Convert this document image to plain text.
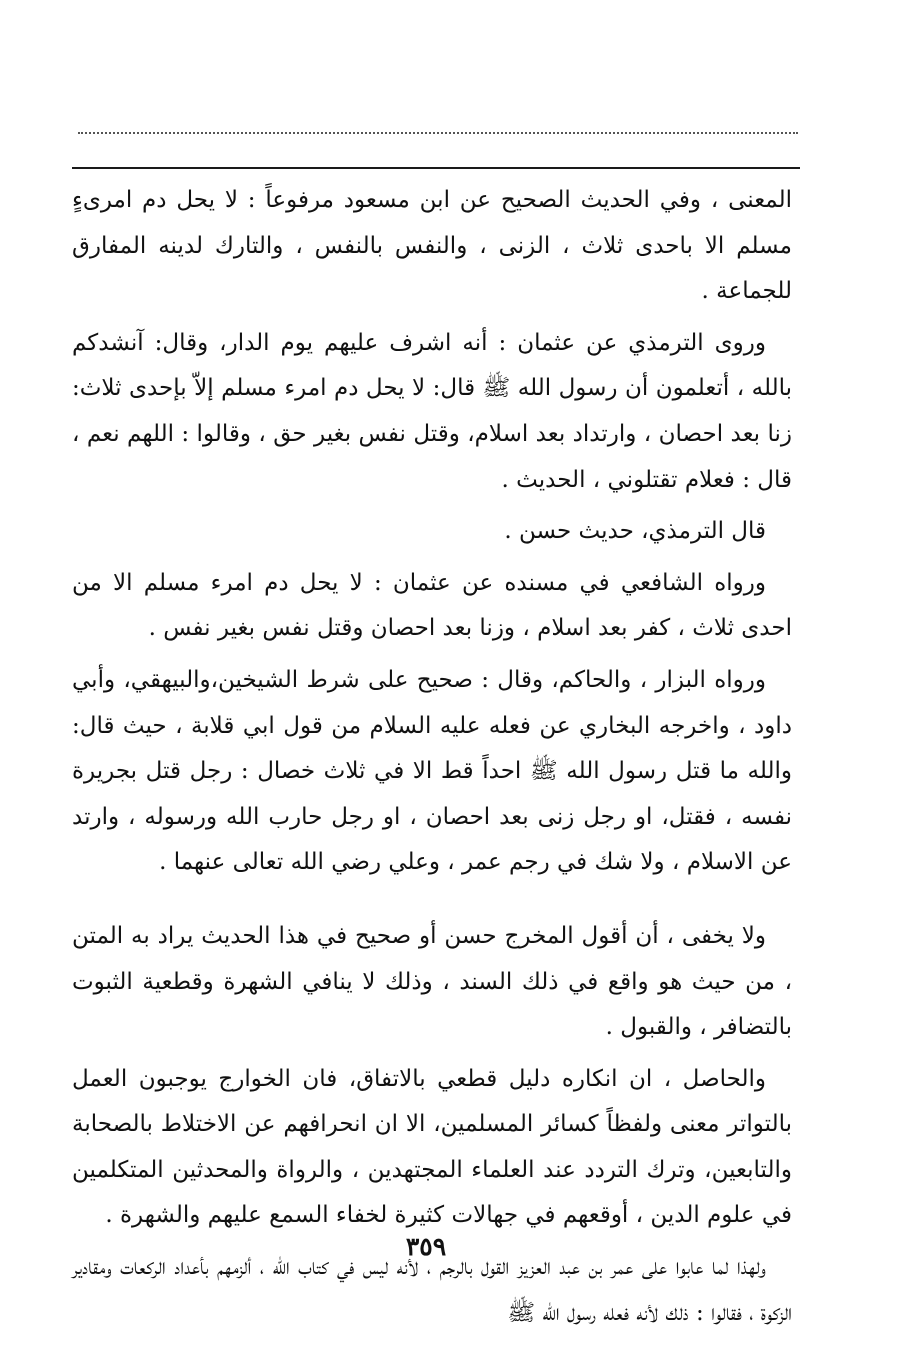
المعنى ، وفي الحديث الصحيح عن ابن مسعود مرفوعاً : لا يحل دم امرىءٍ مسلم الا باحدى ثلاث ، الزنى ، والنفس بالنفس ، والتارك لدينه المفارق للجماعة .

وروى الترمذي عن عثمان : أنه اشرف عليهم يوم الدار، وقال: آنشدكم بالله ، أتعلمون أن رسول الله ﷺ قال: لا يحل دم امرء مسلم إلاّ بإحدى ثلاث: زنا بعد احصان ، وارتداد بعد اسلام، وقتل نفس بغير حق ، وقالوا : اللهم نعم ، قال : فعلام تقتلوني ، الحديث .

قال الترمذي، حديث حسن .

ورواه الشافعي في مسنده عن عثمان : لا يحل دم امرء مسلم الا من احدى ثلاث ، كفر بعد اسلام ، وزنا بعد احصان وقتل نفس بغير نفس .

ورواه البزار ، والحاكم، وقال : صحيح على شرط الشيخين،والبيهقي، وأبي داود ، واخرجه البخاري عن فعله عليه السلام من قول ابي قلابة ، حيث قال: والله ما قتل رسول الله ﷺ احداً قط الا في ثلاث خصال : رجل قتل بجريرة نفسه ، فقتل، او رجل زنى بعد احصان ، او رجل حارب الله ورسوله ، وارتد عن الاسلام ، ولا شك في رجم عمر ، وعلي رضي الله تعالى عنهما .

ولا يخفى ، أن أقول المخرج حسن أو صحيح في هذا الحديث يراد به المتن ، من حيث هو واقع في ذلك السند ، وذلك لا ينافي الشهرة وقطعية الثبوت بالتضافر ، والقبول .

والحاصل ، ان انكاره دليل قطعي بالاتفاق، فان الخوارج يوجبون العمل بالتواتر معنى ولفظاً كسائر المسلمين، الا ان انحرافهم عن الاختلاط بالصحابة والتابعين، وترك التردد عند العلماء المجتهدين ، والرواة والمحدثين المتكلمين في علوم الدين ، أوقعهم في جهالات كثيرة لخفاء السمع عليهم والشهرة .

ولهذا لما عابوا على عمر بن عبد العزيز القول بالرجم ، لأنه ليس في كتاب الله ، ألزمهم بأعداد الركعات ومقادير الزكوة ، فقالوا : ذلك لأنه فعله رسول الله ﷺ

٣٥٩
